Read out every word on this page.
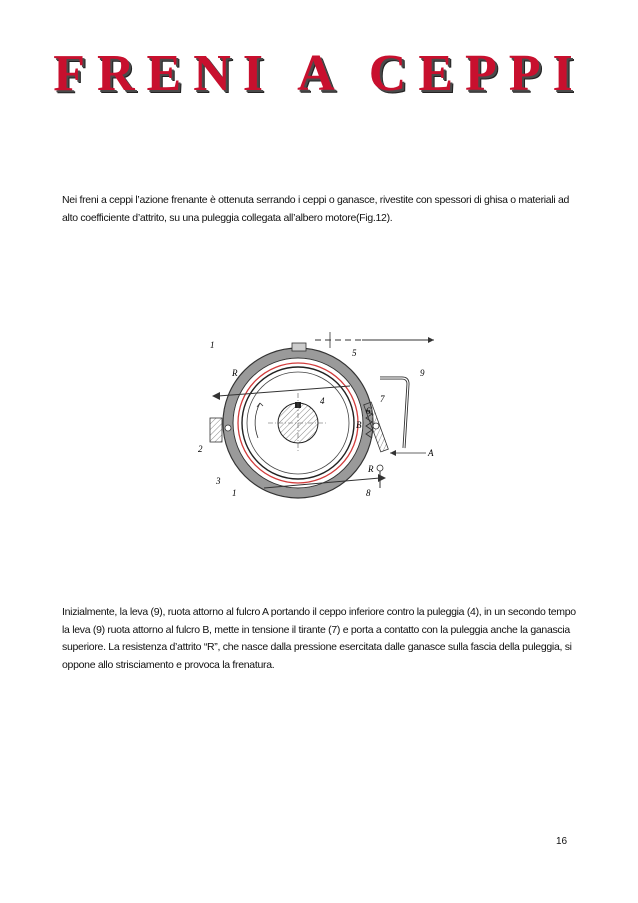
FRENI A CEPPI

Nei freni a ceppi l’azione frenante è ottenuta serrando i ceppi o ganasce, rivestite con spessori di ghisa o materiali ad alto coefficiente d’attrito, su una puleggia collegata all’albero motore(Fig.12).

1
R
4
5
9
7
6
B
A
2
3
1
R
8

Inizialmente, la leva (9), ruota attorno al fulcro A portando il ceppo inferiore contro la puleggia (4), in un secondo tempo la leva (9) ruota attorno al fulcro B, mette in tensione il tirante (7) e porta a contatto con la puleggia anche la ganascia superiore. La resistenza d’attrito “R”, che nasce dalla pressione esercitata dalle ganasce sulla fascia della puleggia, si oppone allo strisciamento e provoca la frenatura.

16
